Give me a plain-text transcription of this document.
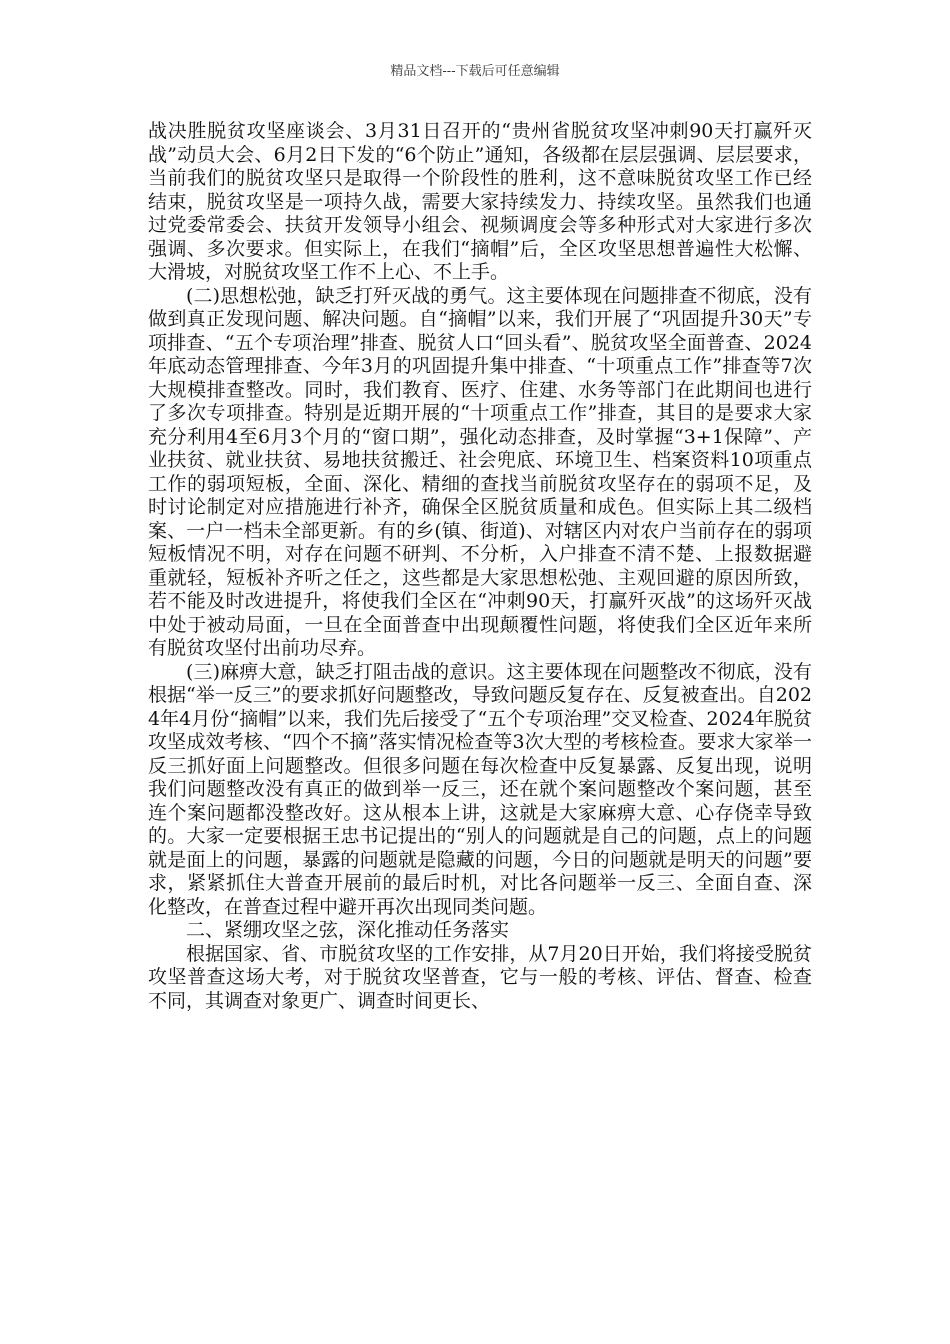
精品文档---下载后可任意编辑

战决胜脱贫攻坚座谈会、3月31日召开的“贵州省脱贫攻坚冲刺90天打赢歼灭战”动员大会、6月2日下发的“6个防止”通知，各级都在层层强调、层层要求，当前我们的脱贫攻坚只是取得一个阶段性的胜利，这不意味脱贫攻坚工作已经结束，脱贫攻坚是一项持久战，需要大家持续发力、持续攻坚。虽然我们也通过党委常委会、扶贫开发领导小组会、视频调度会等多种形式对大家进行多次强调、多次要求。但实际上，在我们“摘帽”后，全区攻坚思想普遍性大松懈、大滑坡，对脱贫攻坚工作不上心、不上手。

(二)思想松弛，缺乏打歼灭战的勇气。这主要体现在问题排查不彻底，没有做到真正发现问题、解决问题。自“摘帽”以来，我们开展了“巩固提升30天”专项排查、“五个专项治理”排查、脱贫人口“回头看”、脱贫攻坚全面普查、2024年底动态管理排查、今年3月的巩固提升集中排查、“十项重点工作”排查等7次大规模排查整改。同时，我们教育、医疗、住建、水务等部门在此期间也进行了多次专项排查。特别是近期开展的“十项重点工作”排查，其目的是要求大家充分利用4至6月3个月的“窗口期”，强化动态排查，及时掌握“3+1保障”、产业扶贫、就业扶贫、易地扶贫搬迁、社会兜底、环境卫生、档案资料10项重点工作的弱项短板，全面、深化、精细的查找当前脱贫攻坚存在的弱项不足，及时讨论制定对应措施进行补齐，确保全区脱贫质量和成色。但实际上其二级档案、一户一档未全部更新。有的乡(镇、街道)、对辖区内对农户当前存在的弱项短板情况不明，对存在问题不研判、不分析，入户排查不清不楚、上报数据避重就轻，短板补齐听之任之，这些都是大家思想松弛、主观回避的原因所致，若不能及时改进提升，将使我们全区在“冲刺90天，打赢歼灭战”的这场歼灭战中处于被动局面，一旦在全面普查中出现颠覆性问题，将使我们全区近年来所有脱贫攻坚付出前功尽弃。

(三)麻痹大意，缺乏打阻击战的意识。这主要体现在问题整改不彻底，没有根据“举一反三”的要求抓好问题整改，导致问题反复存在、反复被查出。自2024年4月份“摘帽”以来，我们先后接受了“五个专项治理”交叉检查、2024年脱贫攻坚成效考核、“四个不摘”落实情况检查等3次大型的考核检查。要求大家举一反三抓好面上问题整改。但很多问题在每次检查中反复暴露、反复出现，说明我们问题整改没有真正的做到举一反三，还在就个案问题整改个案问题，甚至连个案问题都没整改好。这从根本上讲，这就是大家麻痹大意、心存侥幸导致的。大家一定要根据王忠书记提出的“别人的问题就是自己的问题，点上的问题就是面上的问题，暴露的问题就是隐藏的问题，今日的问题就是明天的问题”要求，紧紧抓住大普查开展前的最后时机，对比各问题举一反三、全面自查、深化整改，在普查过程中避开再次出现同类问题。

二、紧绷攻坚之弦，深化推动任务落实

根据国家、省、市脱贫攻坚的工作安排，从7月20日开始，我们将接受脱贫攻坚普查这场大考，对于脱贫攻坚普查，它与一般的考核、评估、督查、检查不同，其调查对象更广、调查时间更长、
